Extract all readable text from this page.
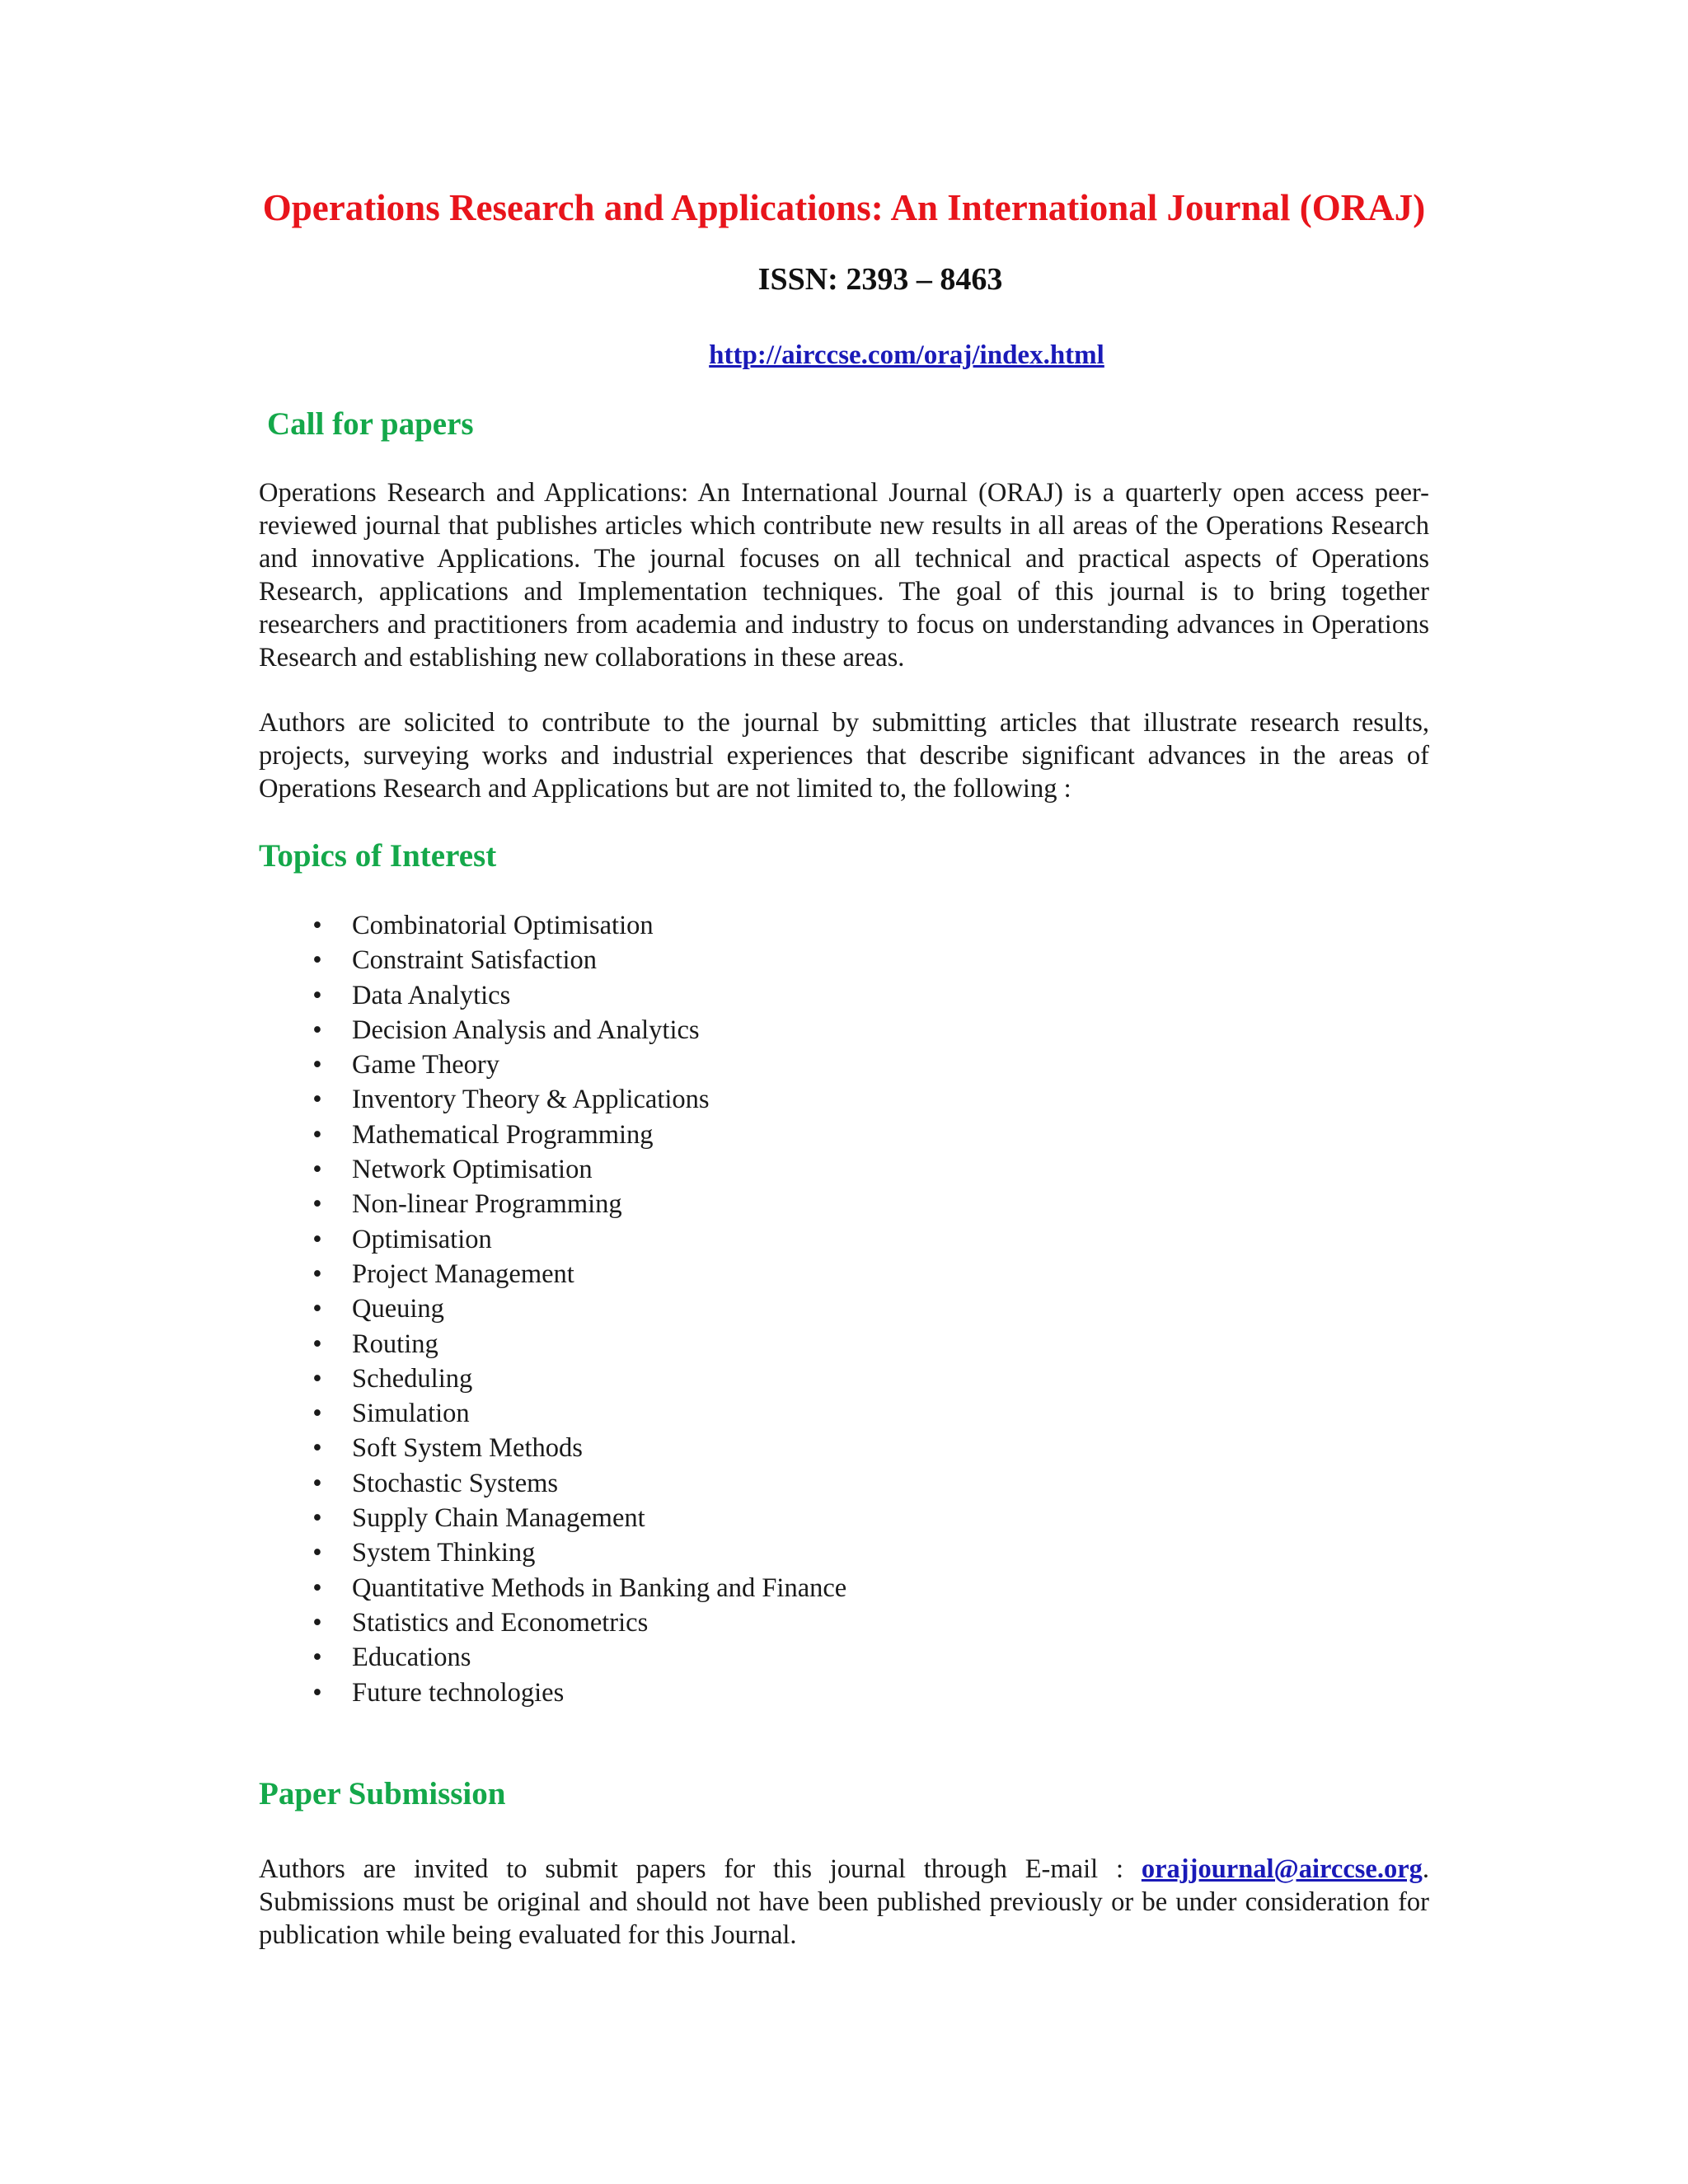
Operations Research and Applications: An International Journal (ORAJ)
ISSN: 2393 – 8463
http://airccse.com/oraj/index.html
Call for papers

Operations Research and Applications: An International Journal (ORAJ) is a quarterly open access peer-reviewed journal that publishes articles which contribute new results in all areas of the Operations Research and innovative Applications. The journal focuses on all technical and practical aspects of Operations Research, applications and Implementation techniques. The goal of this journal is to bring together researchers and practitioners from academia and industry to focus on understanding advances in Operations Research and establishing new collaborations in these areas.

Authors are solicited to contribute to the journal by submitting articles that illustrate research results, projects, surveying works and industrial experiences that describe significant advances in the areas of Operations Research and Applications but are not limited to, the following :

Topics of Interest
• Combinatorial Optimisation
• Constraint Satisfaction
• Data Analytics
• Decision Analysis and Analytics
• Game Theory
• Inventory Theory & Applications
• Mathematical Programming
• Network Optimisation
• Non-linear Programming
• Optimisation
• Project Management
• Queuing
• Routing
• Scheduling
• Simulation
• Soft System Methods
• Stochastic Systems
• Supply Chain Management
• System Thinking
• Quantitative Methods in Banking and Finance
• Statistics and Econometrics
• Educations
• Future technologies
Paper Submission

Authors are invited to submit papers for this journal through E-mail : orajjournal@airccse.org. Submissions must be original and should not have been published previously or be under consideration for publication while being evaluated for this Journal.
